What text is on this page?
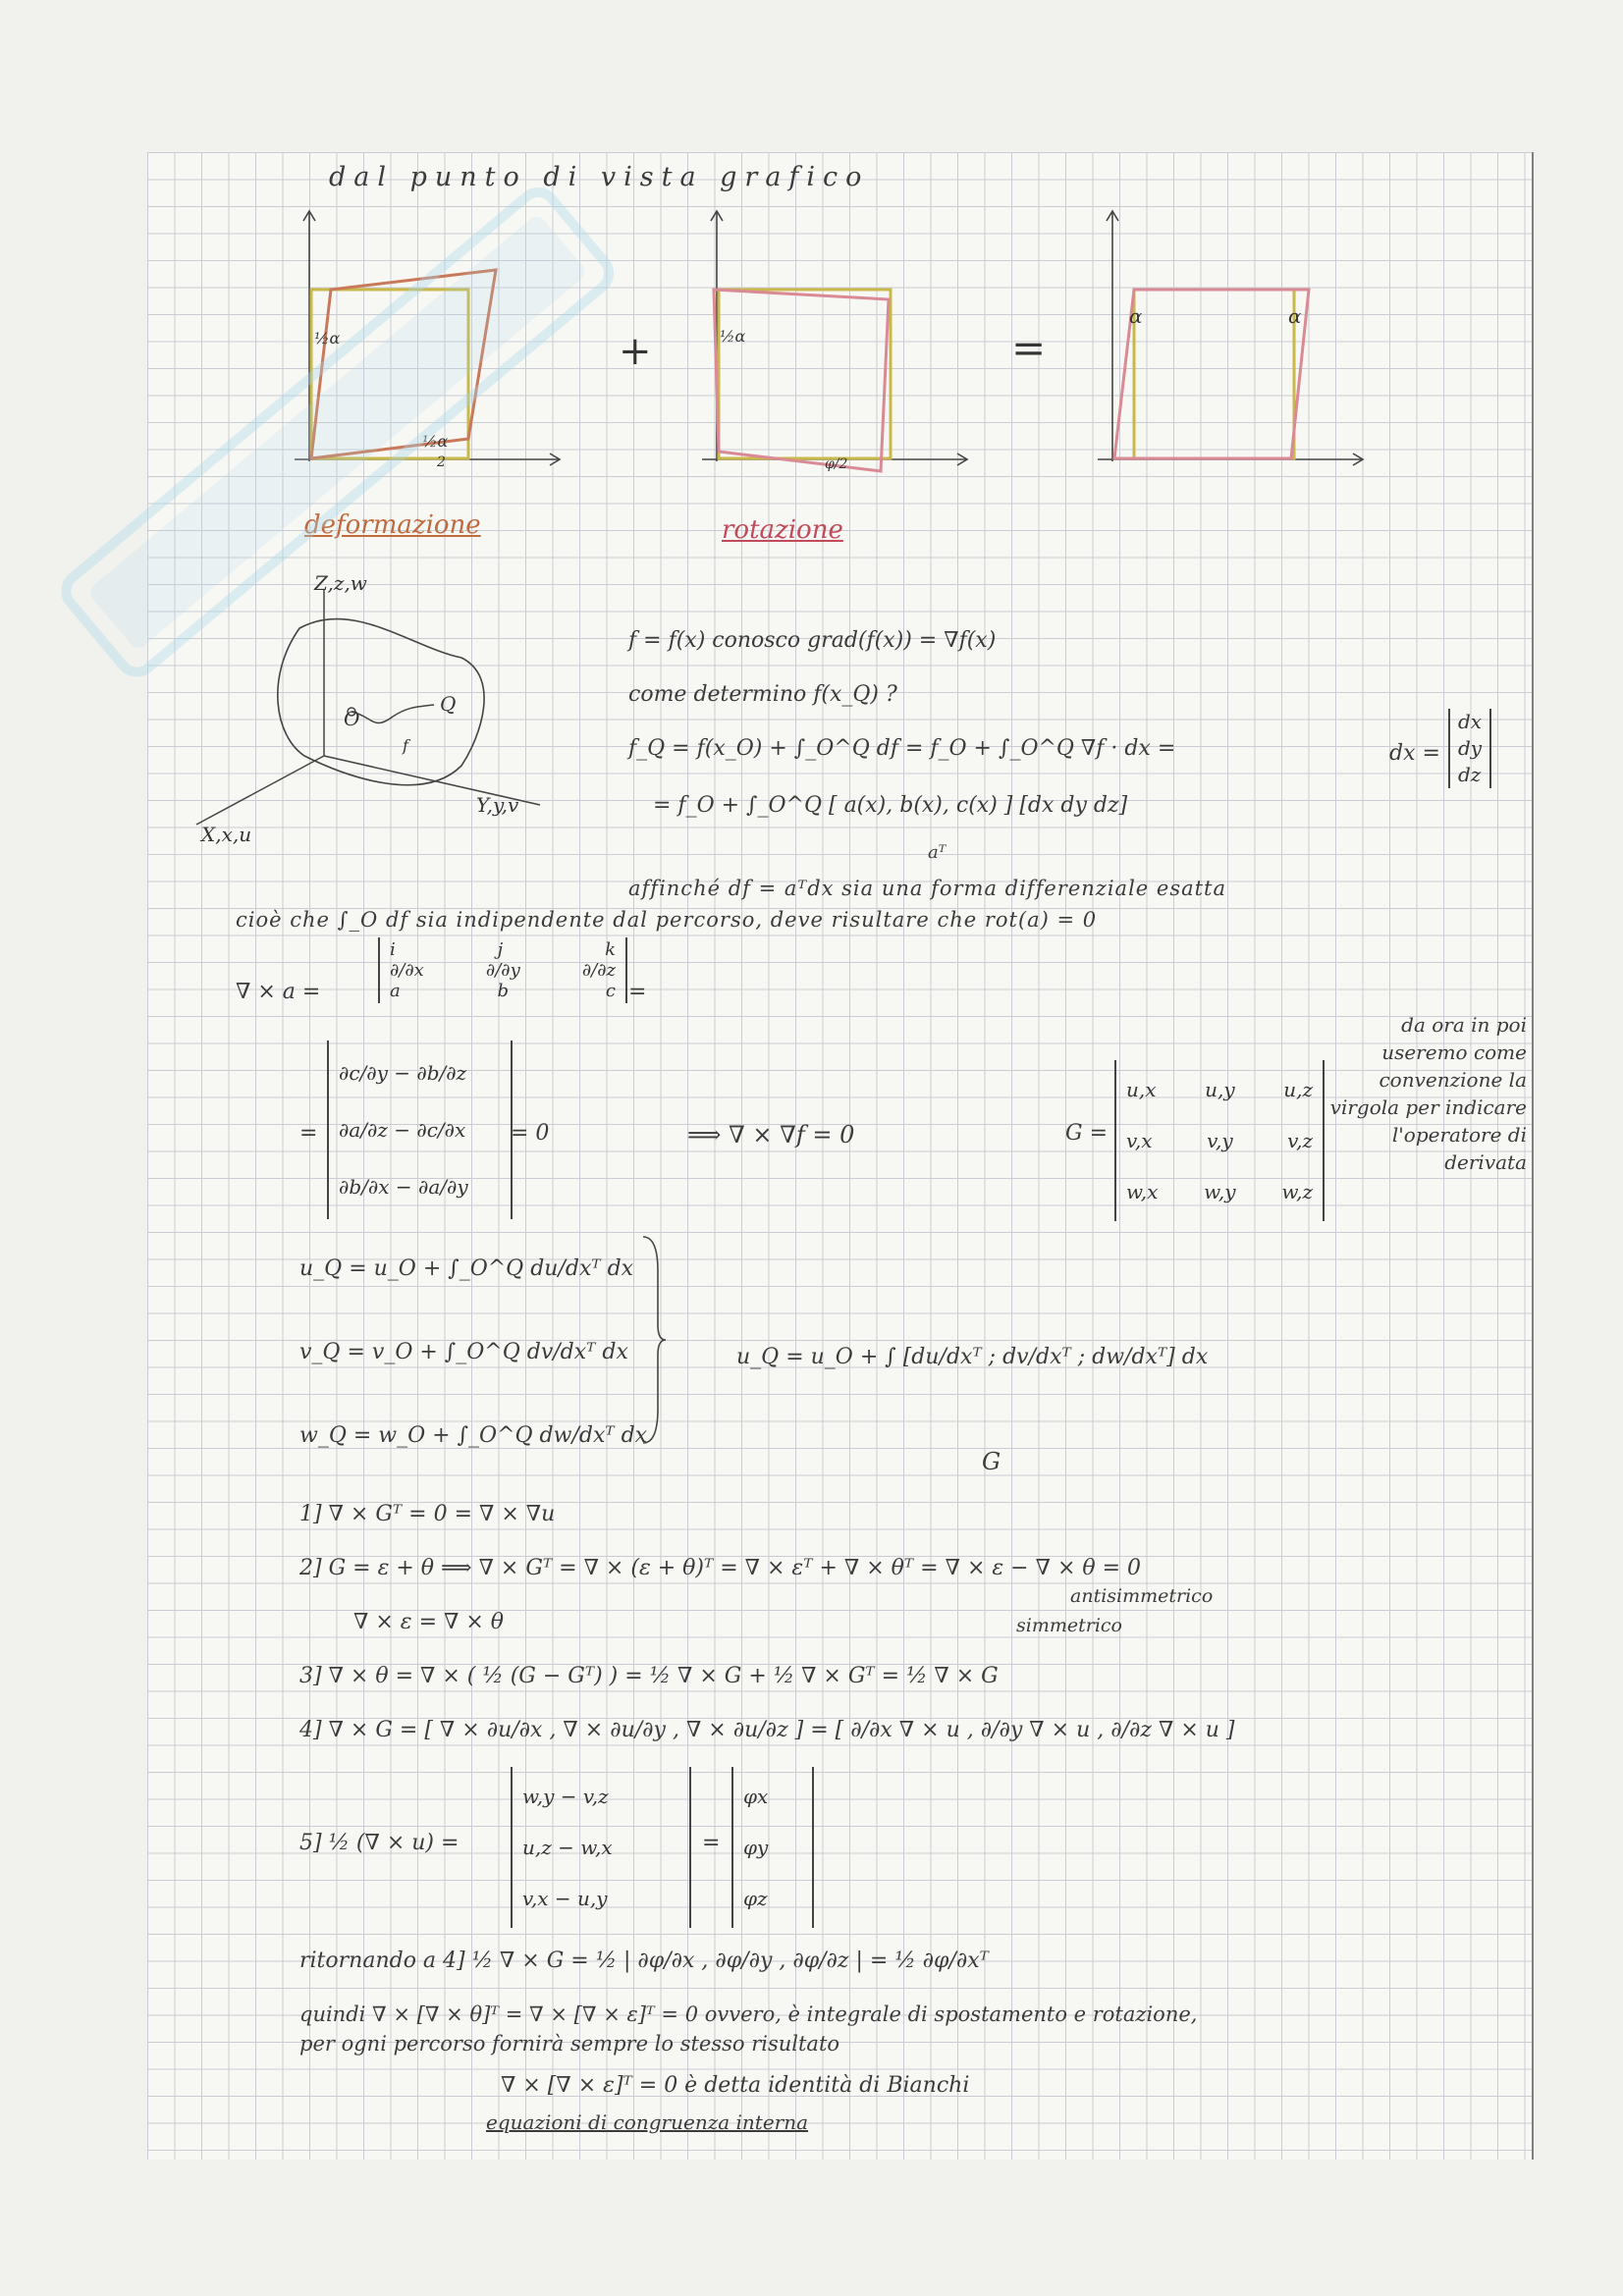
dal punto di vista grafico
½α
½α
2
deformazione
+	½α
φ/2
rotazione
=
α	α
Z,z,w
Y,y,v
X,x,u
O
Q
f
f = f(x) conosco grad(f(x)) = ∇f(x)
come determino f(x_Q) ?
f_Q = f(x_O) + ∫_O^Q df = f_O + ∫_O^Q ∇f · dx =
= f_O + ∫_O^Q [ a(x), b(x), c(x) ] [dx dy dz]
aᵀ
dx =
dx
dy
dz
affinché df = aᵀdx sia una forma differenziale esatta
cioè che ∫_O df sia indipendente dal percorso, deve risultare che rot(a) = 0
∇ × a =
i	j	k
∂/∂x	∂/∂y	∂/∂z
a	b	c =
=
∂c/∂y − ∂b/∂z
∂a/∂z − ∂c/∂x
∂b/∂x − ∂a/∂y
= 0	⟹ ∇ × ∇f = 0	G =
u,x u,y u,z
v,x	v,y	v,z
w,x w,y w,z
da ora in poi useremo come convenzione la virgola per indicare l'operatore di derivata
u_Q = u_O + ∫_O^Q du/dxᵀ dx
v_Q = v_O + ∫_O^Q dv/dxᵀ dx
w_Q = w_O + ∫_O^Q dw/dxᵀ dx
u_Q = u_O + ∫ [du/dxᵀ ; dv/dxᵀ ; dw/dxᵀ] dx
G
1] ∇ × Gᵀ = 0 = ∇ × ∇u
2] G = ε + θ ⟹ ∇ × Gᵀ = ∇ × (ε + θ)ᵀ = ∇ × εᵀ + ∇ × θᵀ = ∇ × ε − ∇ × θ = 0
antisimmetrico
∇ × ε = ∇ × θ	simmetrico
3] ∇ × θ = ∇ × ( ½ (G − Gᵀ) ) = ½ ∇ × G + ½ ∇ × Gᵀ = ½ ∇ × G
4] ∇ × G = [ ∇ × ∂u/∂x , ∇ × ∂u/∂y , ∇ × ∂u/∂z ] = [ ∂/∂x ∇ × u , ∂/∂y ∇ × u , ∂/∂z ∇ × u ]
5] ½ (∇ × u) =
w,y − v,z
u,z − w,x
v,x − u,y
=
φx
φy
φz
ritornando a 4] ½ ∇ × G = ½ | ∂φ/∂x , ∂φ/∂y , ∂φ/∂z | = ½ ∂φ/∂xᵀ
quindi ∇ × [∇ × θ]ᵀ = ∇ × [∇ × ε]ᵀ = 0 ovvero, è integrale di spostamento e rotazione,
per ogni percorso fornirà sempre lo stesso risultato
∇ × [∇ × ε]ᵀ = 0 è detta identità di Bianchi
equazioni di congruenza interna
